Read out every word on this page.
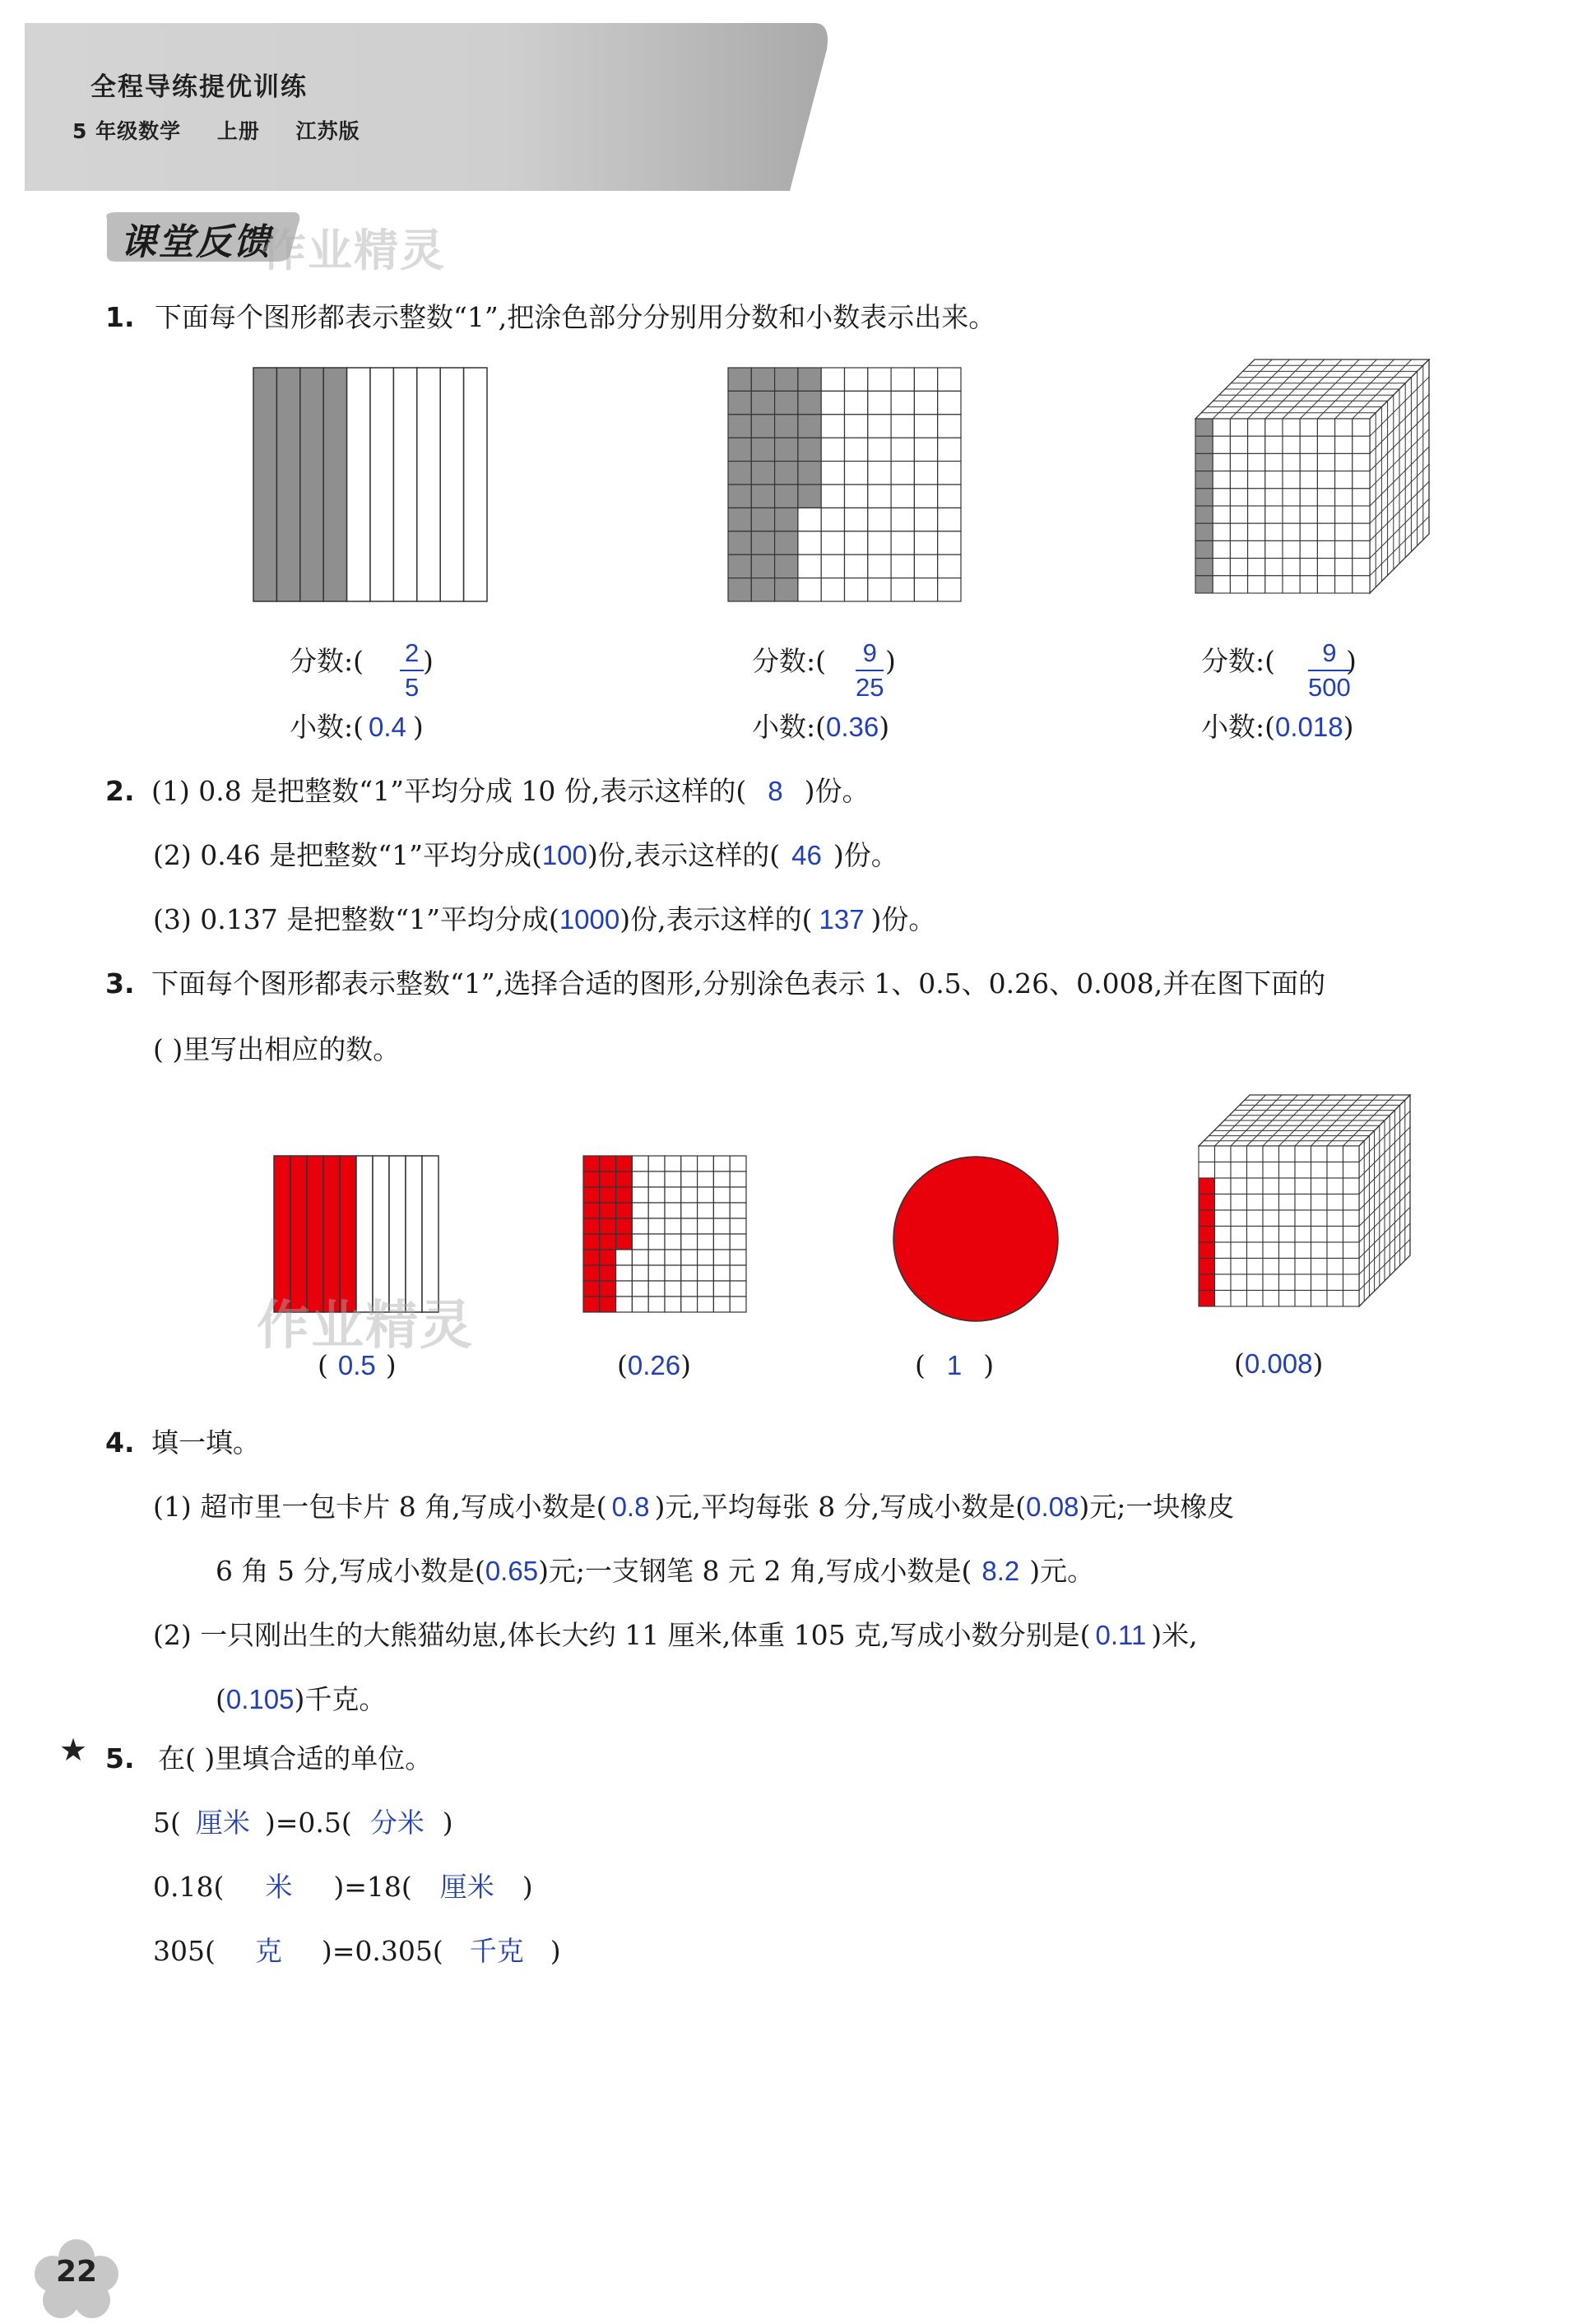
全程导练提优训练
5 年级数学 上册 江苏版
课堂反馈
作业精灵
1. 下面每个图形都表示整数“1”,把涂色部分分别用分数和小数表示出来。
分数:( )
$\frac{2}{5}$
小数:( 0.4 )
分数:( )
$\frac{9}{25}$
小数:(0.36)
分数:(	)
$\frac{9}{500}$
小数:(0.018)
2. (1) 0.8 是把整数“1”平均分成 10 份,表示这样的( 8 )份。
(2) 0.46 是把整数“1”平均分成(100)份,表示这样的( 46 )份。
(3) 0.137 是把整数“1”平均分成(1000)份,表示这样的( 137 )份。
3. 下面每个图形都表示整数“1”,选择合适的图形,分别涂色表示 1、0.5、0.26、0.008,并在图下面的
( )里写出相应的数。
作业精灵
( 0.5 )	(0.26)	( 1 )	(0.008)
4. 填一填。
(1) 超市里一包卡片 8 角,写成小数是( 0.8 )元,平均每张 8 分,写成小数是(0.08)元;一块橡皮
6 角 5 分,写成小数是(0.65)元;一支钢笔 8 元 2 角,写成小数是( 8.2 )元。
(2) 一只刚出生的大熊猫幼崽,体长大约 11 厘米,体重 105 克,写成小数分别是( 0.11 )米,
(0.105)千克。
★ 5. 在( )里填合适的单位。
5( 厘米 )=0.5( 分米 )
0.18( 米 )=18( 厘米 )
305( 克 )=0.305( 千克 )
22
